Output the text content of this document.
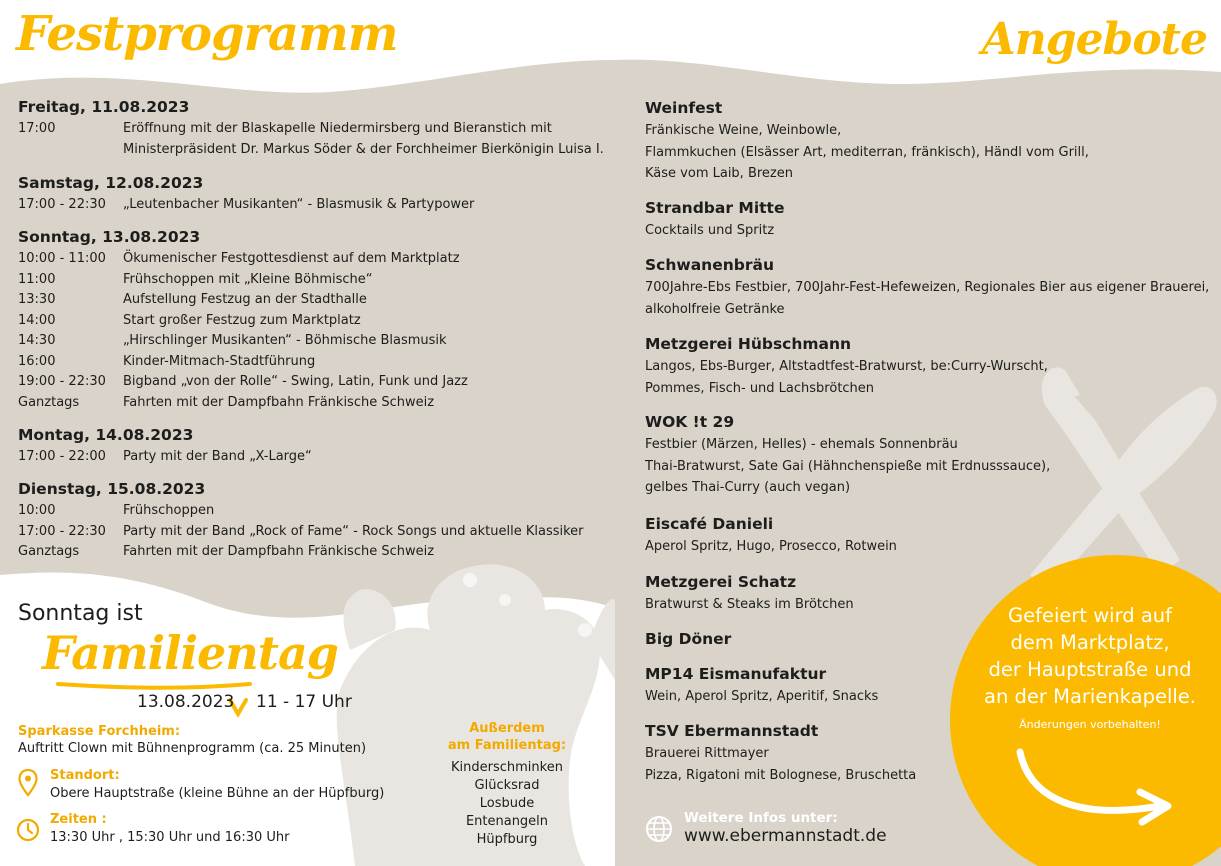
Festprogramm	Angebote
Freitag, 11.08.2023
17:00	Eröffnung mit der Blaskapelle Niedermirsberg und Bieranstich mit
Ministerpräsident Dr. Markus Söder & der Forchheimer Bierkönigin Luisa I.
Samstag, 12.08.2023
17:00 - 22:30	„Leutenbacher Musikanten“ - Blasmusik & Partypower
Sonntag, 13.08.2023
10:00 - 11:00	Ökumenischer Festgottesdienst auf dem Marktplatz
11:00	Frühschoppen mit „Kleine Böhmische“
13:30	Aufstellung Festzug an der Stadthalle
14:00	Start großer Festzug zum Marktplatz
14:30	„Hirschlinger Musikanten“ - Böhmische Blasmusik
16:00	Kinder-Mitmach-Stadtführung
19:00 - 22:30	Bigband „von der Rolle“ - Swing, Latin, Funk und Jazz
Ganztags	Fahrten mit der Dampfbahn Fränkische Schweiz
Montag, 14.08.2023
17:00 - 22:00	Party mit der Band „X-Large“
Dienstag, 15.08.2023
10:00	Frühschoppen
17:00 - 22:30	Party mit der Band „Rock of Fame“ - Rock Songs und aktuelle Klassiker
Ganztags	Fahrten mit der Dampfbahn Fränkische Schweiz
Weinfest
Fränkische Weine, Weinbowle,
Flammkuchen (Elsässer Art, mediterran, fränkisch), Händl vom Grill,
Käse vom Laib, Brezen
Strandbar Mitte
Cocktails und Spritz
Schwanenbräu
700Jahre-Ebs Festbier, 700Jahr-Fest-Hefeweizen, Regionales Bier aus eigener Brauerei,
alkoholfreie Getränke
Metzgerei Hübschmann
Langos, Ebs-Burger, Altstadtfest-Bratwurst, be:Curry-Wurscht,
Pommes, Fisch- und Lachsbrötchen
WOK !t 29
Festbier (Märzen, Helles) - ehemals Sonnenbräu
Thai-Bratwurst, Sate Gai (Hähnchenspieße mit Erdnusssauce),
gelbes Thai-Curry (auch vegan)
Eiscafé Danieli
Aperol Spritz, Hugo, Prosecco, Rotwein
Metzgerei Schatz
Bratwurst & Steaks im Brötchen
Big Döner
MP14 Eismanufaktur
Wein, Aperol Spritz, Aperitif, Snacks
TSV Ebermannstadt
Brauerei Rittmayer
Pizza, Rigatoni mit Bolognese, Bruschetta
Sonntag ist
Familientag
13.08.2023 11 - 17 Uhr
Sparkasse Forchheim:
Auftritt Clown mit Bühnenprogramm (ca. 25 Minuten)
Standort:
Obere Hauptstraße (kleine Bühne an der Hüpfburg)
Zeiten :
13:30 Uhr , 15:30 Uhr und 16:30 Uhr
Außerdem
am Familientag:
Kinderschminken
Glücksrad
Losbude
Entenangeln
Hüpfburg
Gefeiert wird auf
dem Marktplatz,
der Hauptstraße und
an der Marienkapelle.
Änderungen vorbehalten!
Weitere Infos unter:
www.ebermannstadt.de
